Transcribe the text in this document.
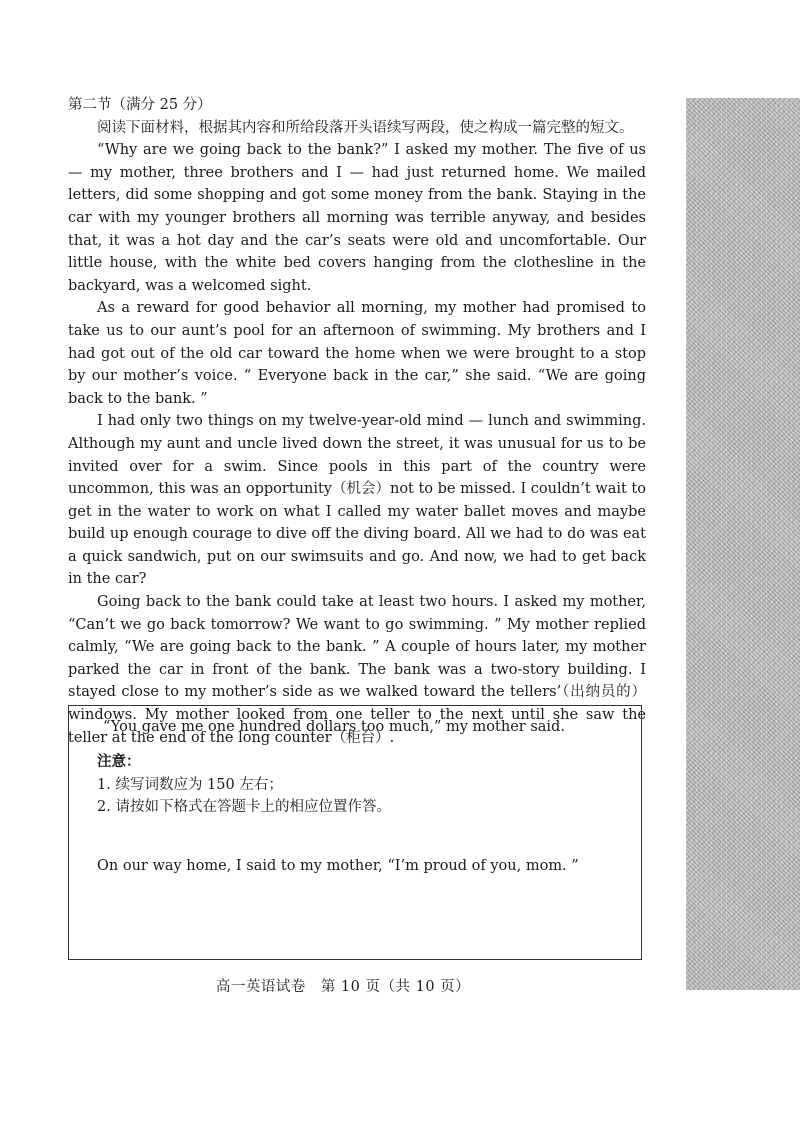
第二节（满分 25 分）

阅读下面材料，根据其内容和所给段落开头语续写两段，使之构成一篇完整的短文。

“Why are we going back to the bank?” I asked my mother. The five of us — my mother, three brothers and I — had just returned home. We mailed letters, did some shopping and got some money from the bank. Staying in the car with my younger brothers all morning was terrible anyway, and besides that, it was a hot day and the car’s seats were old and uncomfortable. Our little house, with the white bed covers hanging from the clothesline in the backyard, was a welcomed sight.

As a reward for good behavior all morning, my mother had promised to take us to our aunt’s pool for an afternoon of swimming. My brothers and I had got out of the old car toward the home when we were brought to a stop by our mother’s voice. “ Everyone back in the car,” she said. “We are going back to the bank. ”

I had only two things on my twelve-year-old mind — lunch and swimming. Although my aunt and uncle lived down the street, it was unusual for us to be invited over for a swim. Since pools in this part of the country were uncommon, this was an opportunity（机会）not to be missed. I couldn’t wait to get in the water to work on what I called my water ballet moves and maybe build up enough courage to dive off the diving board. All we had to do was eat a quick sandwich, put on our swimsuits and go. And now, we had to get back in the car?

Going back to the bank could take at least two hours. I asked my mother, “Can’t we go back tomorrow? We want to go swimming. ” My mother replied calmly, “We are going back to the bank. ” A couple of hours later, my mother parked the car in front of the bank. The bank was a two-story building. I stayed close to my mother’s side as we walked toward the tellers’（出纳员的）windows. My mother looked from one teller to the next until she saw the teller at the end of the long counter（柜台）.

注意：

1. 续写词数应为 150 左右；

2. 请按如下格式在答题卡上的相应位置作答。

“You gave me one hundred dollars too much,” my mother said.
On our way home, I said to my mother, “I’m proud of you, mom. ”
高一英语试卷　第 10 页（共 10 页）
